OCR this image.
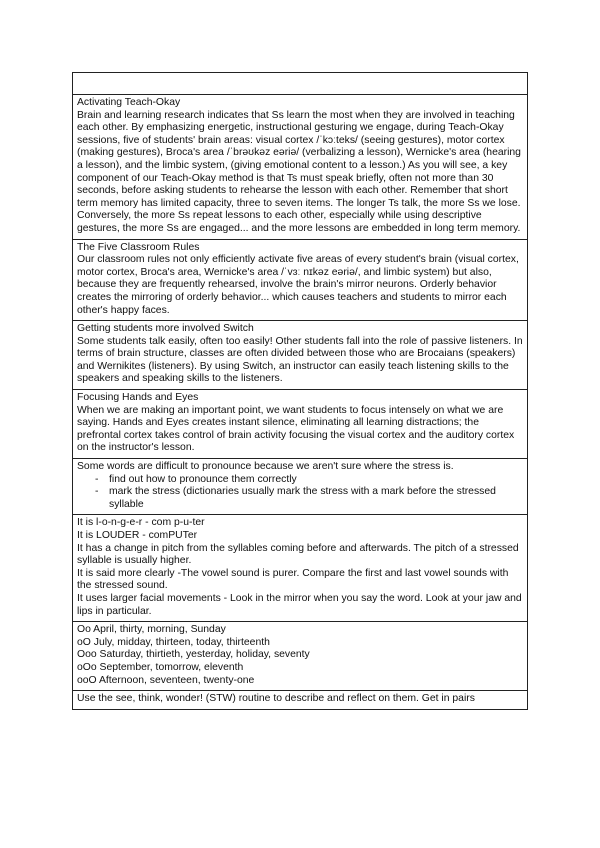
Activating Teach-Okay
Brain and learning research indicates that Ss learn the most when they are involved in teaching each other. By emphasizing energetic, instructional gesturing we engage, during Teach-Okay sessions, five of students' brain areas: visual cortex /ˈkɔːteks/ (seeing gestures), motor cortex (making gestures), Broca's area /ˈbrəʊkəz eəriə/ (verbalizing a lesson), Wernicke's area (hearing a lesson), and the limbic system, (giving emotional content to a lesson.) As you will see, a key component of our Teach-Okay method is that Ts must speak briefly, often not more than 30 seconds, before asking students to rehearse the lesson with each other. Remember that short term memory has limited capacity, three to seven items. The longer Ts talk, the more Ss we lose. Conversely, the more Ss repeat lessons to each other, especially while using descriptive gestures, the more Ss are engaged... and the more lessons are embedded in long term memory.
The Five Classroom Rules
Our classroom rules not only efficiently activate five areas of every student's brain (visual cortex, motor cortex, Broca's area, Wernicke's area /ˈvɜː nɪkəz eəriə/, and limbic system) but also, because they are frequently rehearsed, involve the brain's mirror neurons. Orderly behavior creates the mirroring of orderly behavior... which causes teachers and students to mirror each other's happy faces.
Getting students more involved Switch
Some students talk easily, often too easily! Other students fall into the role of passive listeners. In terms of brain structure, classes are often divided between those who are Brocaians (speakers) and Wernikites (listeners). By using Switch, an instructor can easily teach listening skills to the speakers and speaking skills to the listeners.
Focusing Hands and Eyes
When we are making an important point, we want students to focus intensely on what we are saying. Hands and Eyes creates instant silence, eliminating all learning distractions; the prefrontal cortex takes control of brain activity focusing the visual cortex and the auditory cortex on the instructor's lesson.

Some words are difficult to pronounce because we aren't sure where the stress is.

- find out how to pronounce them correctly
- mark the stress (dictionaries usually mark the stress with a mark before the stressed syllable

It is l-o-n-g-e-r - com p-u-ter

It is LOUDER - comPUTer

It has a change in pitch from the syllables coming before and afterwards. The pitch of a stressed syllable is usually higher.

It is said more clearly -The vowel sound is purer. Compare the first and last vowel sounds with the stressed sound.

It uses larger facial movements - Look in the mirror when you say the word. Look at your jaw and lips in particular.

Oo April, thirty, morning, Sunday

oO July, midday, thirteen, today, thirteenth

Ooo Saturday, thirtieth, yesterday, holiday, seventy

oOo September, tomorrow, eleventh

ooO Afternoon, seventeen, twenty-one

Use the see, think, wonder! (STW) routine to describe and reflect on them. Get in pairs
